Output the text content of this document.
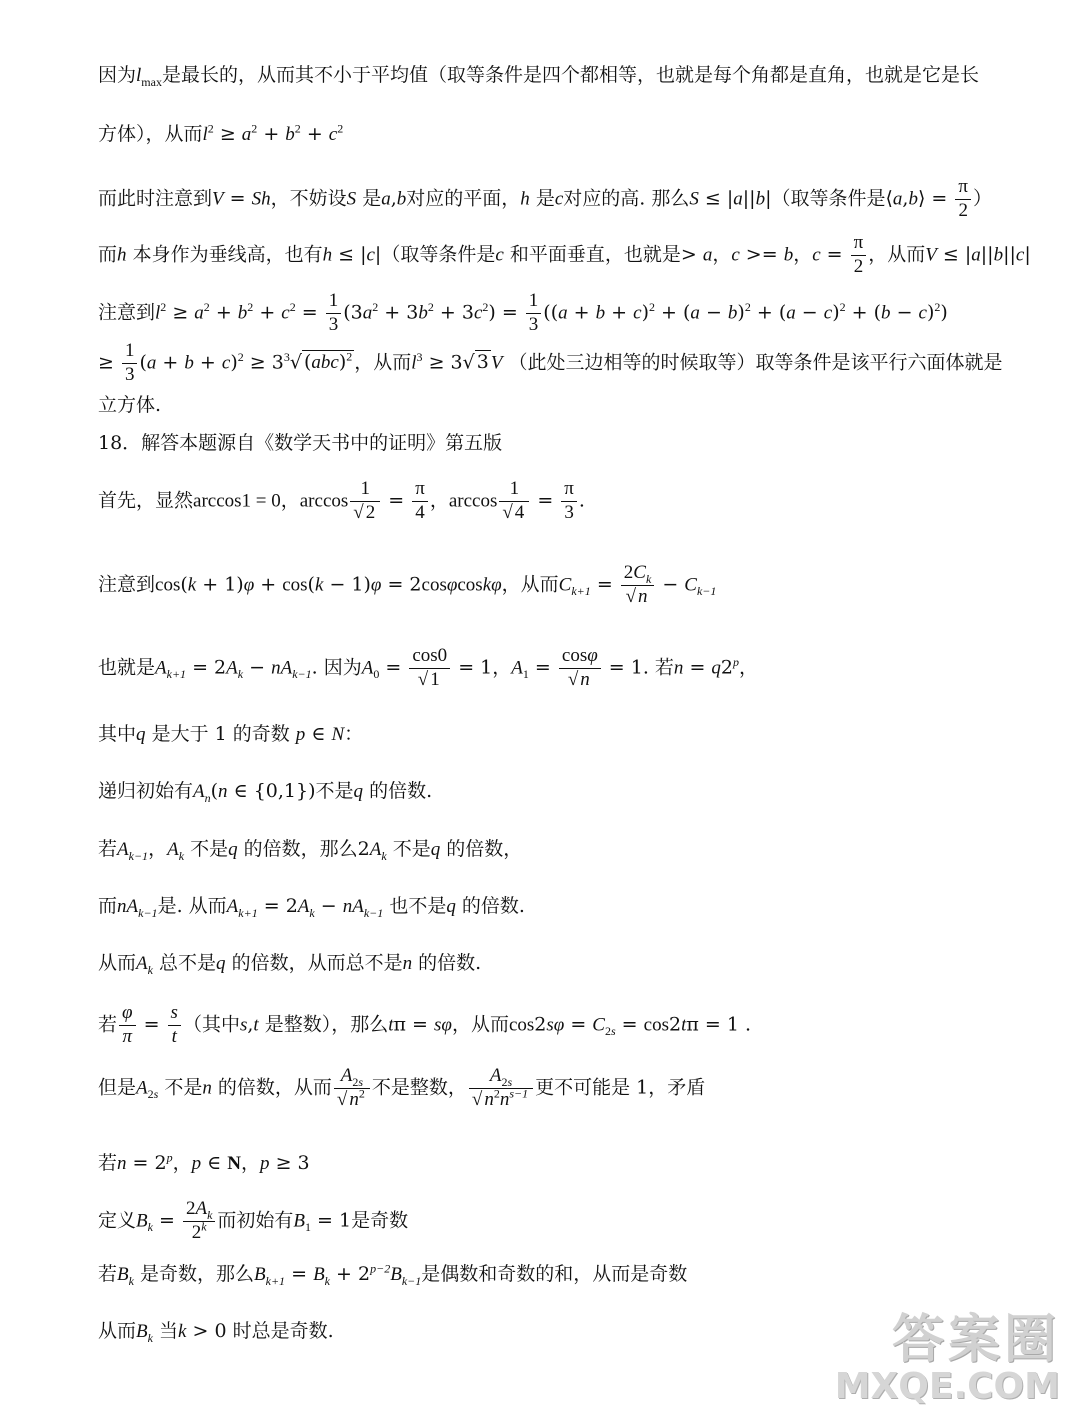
因为$l_{max}$是最长的，从而其不小于平均值（取等条件是四个都相等，也就是每个角都是直角，也就是它是长
方体），从而$l^2 \ge a^2 + b^2 + c^2$
而此时注意到V = Sh，不妨设S 是a,b对应的平面，h 是c对应的高. 那么S ≤ |a||b|（取等条件是⟨a,b⟩ = $\frac{\pi}{2}$ ）
而h 本身作为垂线高，也有h ≤ |c|（取等条件是c 和平面垂直，也就是> a，c >= b，$c = \frac{\pi}{2}$ ，从而V ≤ |a||b||c|
注意到$l^2 \ge a^2 + b^2 + c^2 = \frac{1}{3} (3a^2 + 3b^2 + 3c^2) = \frac{1}{3} ((a + b + c)^2 + (a - b)^2 + (a - c)^2 + (b - c)^2)$
≥ $\frac{1}{3} (a + b + c)^2 \ge 3^3√$ (abc)$^2$ ，从而$l^3 \ge 3√$ 3 V （此处三边相等的时候取等）取等条件是该平行六面体就是
立方体.
18．解答本题源自《数学天书中的证明》第五版
首先，显然arccos1 = 0，$\arccos \frac{1}{√ 2} = \frac{\pi}{4}$ ，$\arccos \frac{1}{√ 4} = \frac{\pi}{3}$ .
注意到cos(k + 1)φ + cos(k − 1)φ = 2cosφcoskφ，从而$C_{k+1} = \frac{2C_k}{√ n} - C_{k-1}$
也就是$A_{k+1} = 2A_k - nA_{k-1}$. 因为$A_0 = \frac{\cos 0}{√ 1} = 1$，$A_1 = \frac{\cos\varphi}{√ n} = 1$. 若$n = q2^p$，
其中q 是大于 1 的奇数 p ∈ N：
递归初始有$A_n(n$ ∈ {0,1})不是q 的倍数.
若$A_{k-1}$，$A_k$ 不是q 的倍数，那么$2A_k$ 不是q 的倍数，
而$nA_{k-1}$是. 从而$A_{k+1} = 2A_k - nA_{k-1}$ 也不是q 的倍数.
从而$A_k$ 总不是q 的倍数，从而总不是n 的倍数.
若 $\frac{\varphi}{\pi} = \frac{s}{t}$ （其中s,t 是整数），那么tπ = sφ，从而$\cos 2s\varphi = C_{2s} = \cos 2t\pi = 1$ .
但是$A_{2s}$ 不是n 的倍数，从而 $\frac{A_{2s}}{√ n^2}$ 不是整数， $\frac{A_{2s}}{√ n^2n^{s-1}}$ 更不可能是 1，矛盾
若$n = 2^p$，p ∈ N，p ≥ 3
定义$B_k = \frac{2A_k}{2^k}$ 而初始有$B_1 = 1$是奇数
若$B_k$ 是奇数，那么$B_{k+1} = B_k + 2^{p-2}B_{k-1}$是偶数和奇数的和，从而是奇数
从而$B_k$ 当k > 0 时总是奇数.	答案圈
MXQE.COM
